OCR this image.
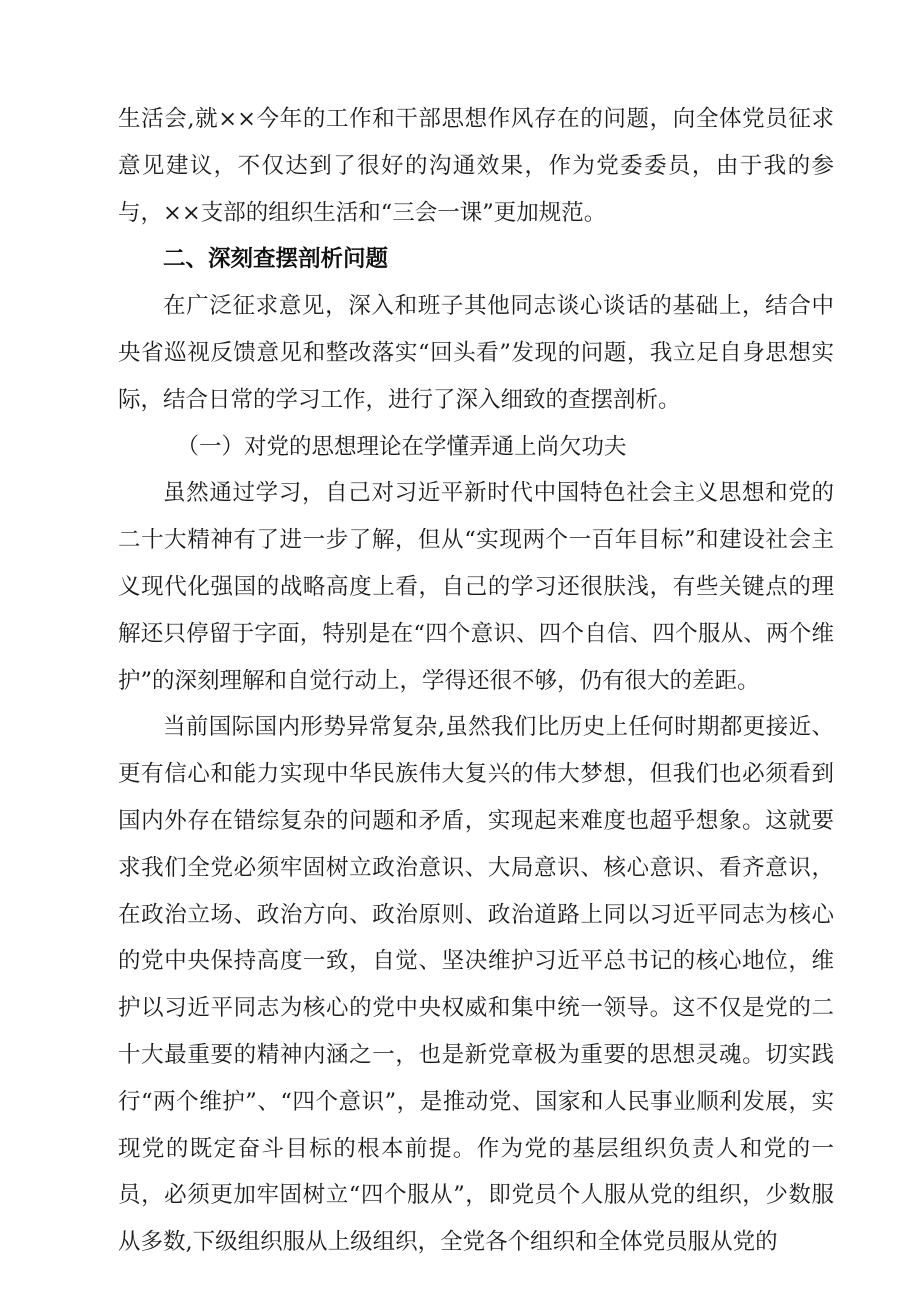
生活会,就××今年的工作和干部思想作风存在的问题，向全体党员征求意见建议，不仅达到了很好的沟通效果，作为党委委员，由于我的参与，××支部的组织生活和“三会一课”更加规范。

二、深刻查摆剖析问题

在广泛征求意见，深入和班子其他同志谈心谈话的基础上，结合中央省巡视反馈意见和整改落实“回头看”发现的问题，我立足自身思想实际，结合日常的学习工作，进行了深入细致的查摆剖析。

（一）对党的思想理论在学懂弄通上尚欠功夫

虽然通过学习，自己对习近平新时代中国特色社会主义思想和党的二十大精神有了进一步了解，但从“实现两个一百年目标”和建设社会主义现代化强国的战略高度上看，自己的学习还很肤浅，有些关键点的理解还只停留于字面，特别是在“四个意识、四个自信、四个服从、两个维护”的深刻理解和自觉行动上，学得还很不够，仍有很大的差距。

当前国际国内形势异常复杂,虽然我们比历史上任何时期都更接近、更有信心和能力实现中华民族伟大复兴的伟大梦想，但我们也必须看到国内外存在错综复杂的问题和矛盾，实现起来难度也超乎想象。这就要求我们全党必须牢固树立政治意识、大局意识、核心意识、看齐意识，在政治立场、政治方向、政治原则、政治道路上同以习近平同志为核心的党中央保持高度一致，自觉、坚决维护习近平总书记的核心地位，维护以习近平同志为核心的党中央权威和集中统一领导。这不仅是党的二十大最重要的精神内涵之一，也是新党章极为重要的思想灵魂。切实践行“两个维护”、“四个意识”，是推动党、国家和人民事业顺利发展，实现党的既定奋斗目标的根本前提。作为党的基层组织负责人和党的一员，必须更加牢固树立“四个服从”，即党员个人服从党的组织，少数服从多数,下级组织服从上级组织，全党各个组织和全体党员服从党的
